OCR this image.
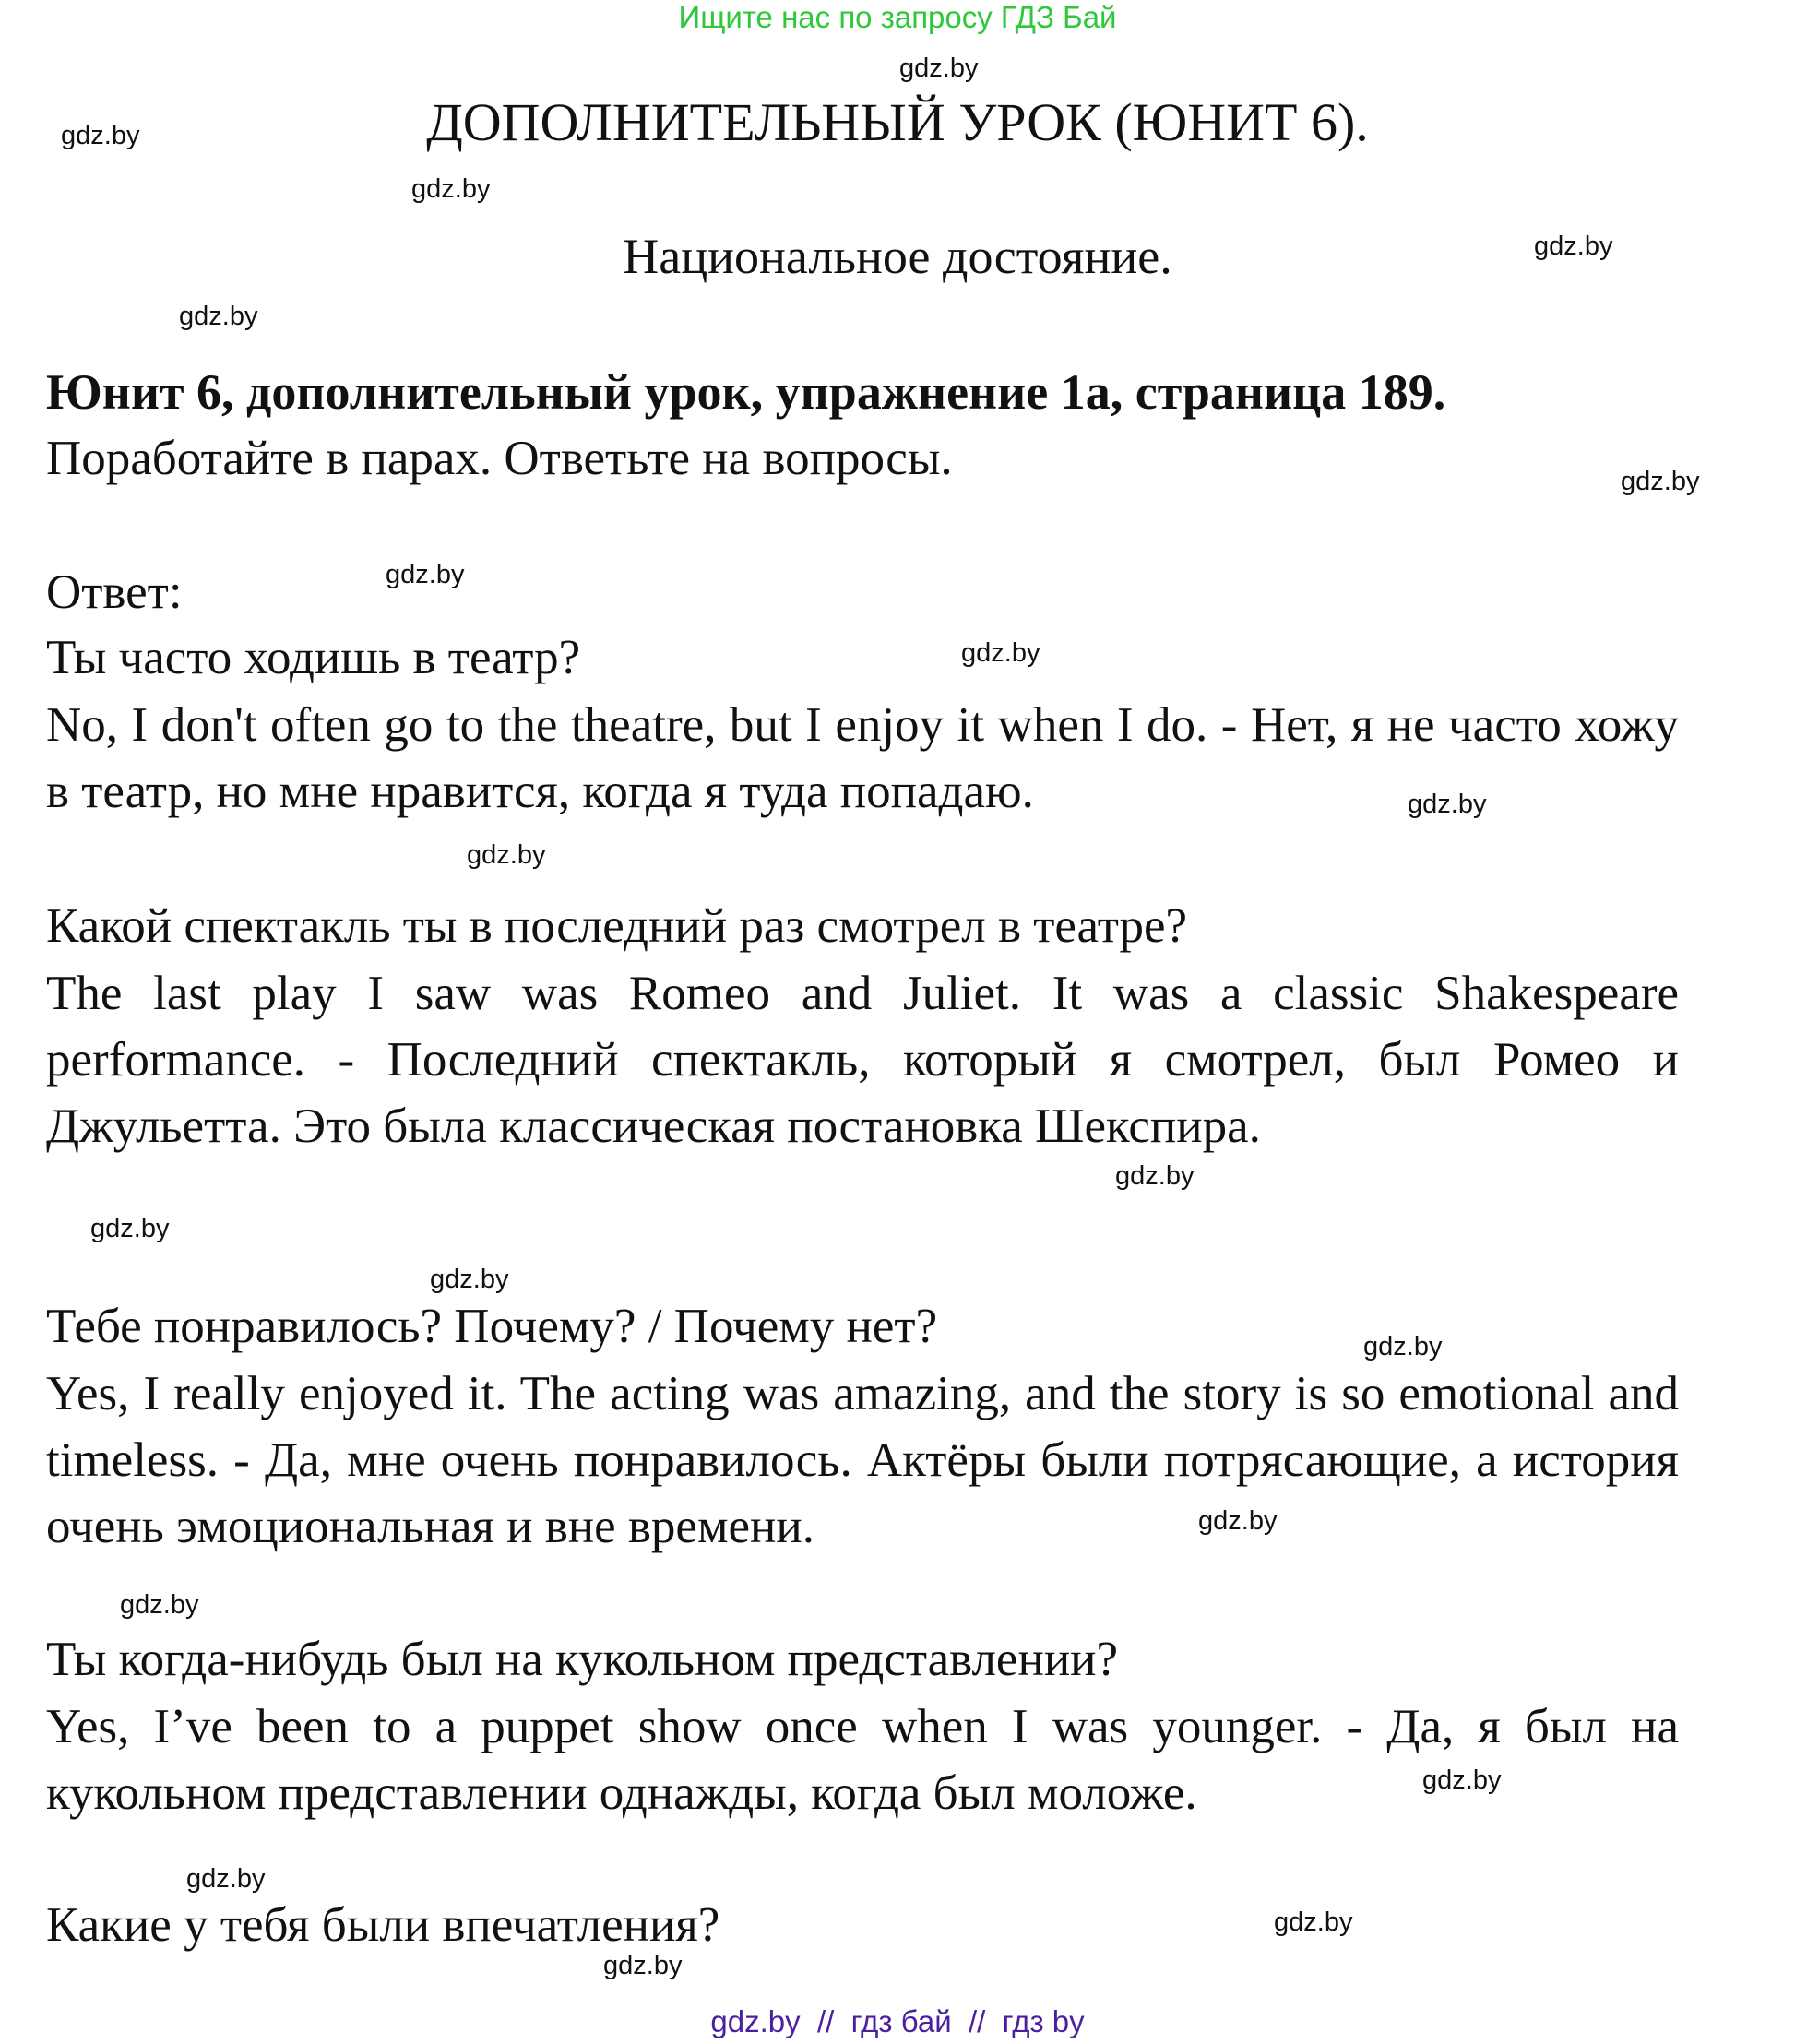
Ищите нас по запросу ГДЗ Бай
gdz.by
gdz.by
gdz.by
gdz.by
gdz.by
gdz.by
gdz.by
gdz.by
gdz.by
gdz.by
gdz.by
gdz.by
gdz.by
gdz.by
gdz.by
gdz.by
gdz.by
gdz.by
gdz.by
gdz.by
ДОПОЛНИТЕЛЬНЫЙ УРОК (ЮНИТ 6).
Национальное достояние.
Юнит 6, дополнительный урок, упражнение 1a, страница 189.
Поработайте в парах. Ответьте на вопросы.
Ответ:
Ты часто ходишь в театр?
No, I don't often go to the theatre, but I enjoy it when I do. - Нет, я не часто хожу в театр, но мне нравится, когда я туда попадаю.
Какой спектакль ты в последний раз смотрел в театре?
The last play I saw was Romeo and Juliet. It was a classic Shakespeare performance. - Последний спектакль, который я смотрел, был Ромео и Джульетта. Это была классическая постановка Шекспира.
Тебе понравилось? Почему? / Почему нет?
Yes, I really enjoyed it. The acting was amazing, and the story is so emotional and timeless. - Да, мне очень понравилось. Актёры были потрясающие, а история очень эмоциональная и вне времени.
Ты когда-нибудь был на кукольном представлении?
Yes, I’ve been to a puppet show once when I was younger. - Да, я был на кукольном представлении однажды, когда был моложе.
Какие у тебя были впечатления?
gdz.by  //  гдз бай  //  гдз by
